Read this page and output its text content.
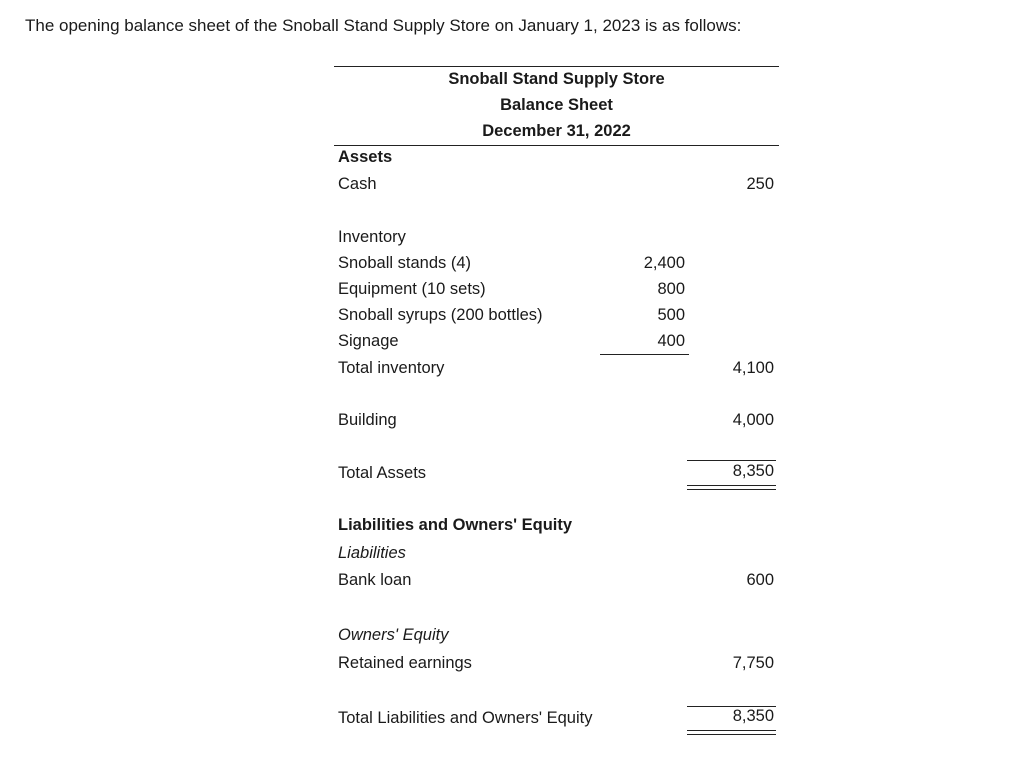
The opening balance sheet of the Snoball Stand Supply Store on January 1, 2023 is as follows:
Snoball Stand Supply Store
Balance Sheet
December 31, 2022
Assets
Cash	250
Inventory
Snoball stands (4)	2,400
Equipment (10 sets)	800
Snoball syrups (200 bottles)	500
Signage	400
Total inventory	4,100
Building	4,000
Total Assets	8,350
Liabilities and Owners' Equity
Liabilities
Bank loan	600
Owners' Equity
Retained earnings	7,750
Total Liabilities and Owners' Equity	8,350
